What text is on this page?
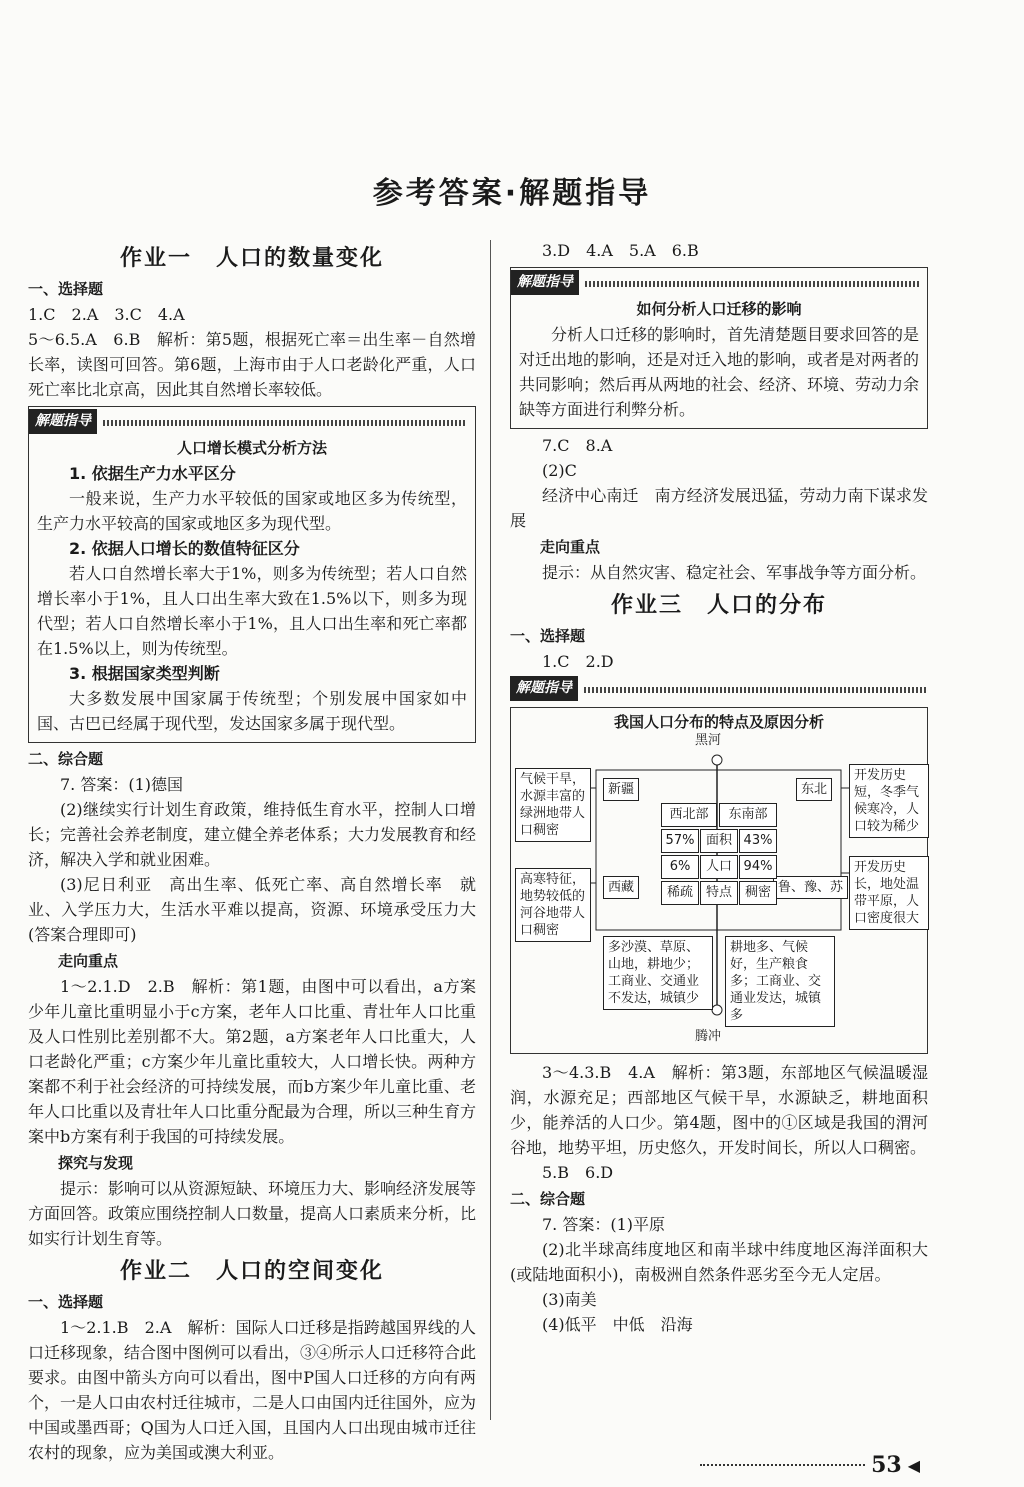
参考答案·解题指导
作业一　人口的数量变化

一、选择题

1.C　2.A　3.C　4.A

5～6.5.A　6.B　解析：第5题，根据死亡率＝出生率－自然增长率，读图可回答。第6题，上海市由于人口老龄化严重，人口死亡率比北京高，因此其自然增长率较低。

解题指导
人口增长模式分析方法

1. 依据生产力水平区分

一般来说，生产力水平较低的国家或地区多为传统型，生产力水平较高的国家或地区多为现代型。

2. 依据人口增长的数值特征区分

若人口自然增长率大于1%，则多为传统型；若人口自然增长率小于1%，且人口出生率大致在1.5%以下，则多为现代型；若人口自然增长率小于1%，且人口出生率和死亡率都在1.5%以上，则为传统型。

3. 根据国家类型判断

大多数发展中国家属于传统型；个别发展中国家如中国、古巴已经属于现代型，发达国家多属于现代型。

二、综合题

7. 答案：(1)德国

(2)继续实行计划生育政策，维持低生育水平，控制人口增长；完善社会养老制度，建立健全养老体系；大力发展教育和经济，解决入学和就业困难。

(3)尼日利亚　高出生率、低死亡率、高自然增长率　就业、入学压力大，生活水平难以提高，资源、环境承受压力大(答案合理即可)

走向重点

1～2.1.D　2.B　解析：第1题，由图中可以看出，a方案少年儿童比重明显小于c方案，老年人口比重、青壮年人口比重及人口性别比差别都不大。第2题，a方案老年人口比重大，人口老龄化严重；c方案少年儿童比重较大，人口增长快。两种方案都不利于社会经济的可持续发展，而b方案少年儿童比重、老年人口比重以及青壮年人口比重分配最为合理，所以三种生育方案中b方案有利于我国的可持续发展。

探究与发现

提示：影响可以从资源短缺、环境压力大、影响经济发展等方面回答。政策应围绕控制人口数量，提高人口素质来分析，比如实行计划生育等。

作业二　人口的空间变化

一、选择题

1～2.1.B　2.A　解析：国际人口迁移是指跨越国界线的人口迁移现象，结合图中图例可以看出，③④所示人口迁移符合此要求。由图中箭头方向可以看出，图中P国人口迁移的方向有两个，一是人口由农村迁往城市，二是人口由国内迁往国外，应为中国或墨西哥；Q国为人口迁入国，且国内人口出现由城市迁往农村的现象，应为美国或澳大利亚。

3.D　4.A　5.A　6.B

解题指导
如何分析人口迁移的影响

分析人口迁移的影响时，首先清楚题目要求回答的是对迁出地的影响，还是对迁入地的影响，或者是对两者的共同影响；然后再从两地的社会、经济、环境、劳动力余缺等方面进行利弊分析。

7.C　8.A

(2)C

经济中心南迁　南方经济发展迅猛，劳动力南下谋求发展

走向重点

提示：从自然灾害、稳定社会、军事战争等方面分析。

作业三　人口的分布

一、选择题

1.C　2.D

解题指导
我国人口分布的特点及原因分析
气候干旱，水源丰富的绿洲地带人口稠密
高寒特征，地势较低的河谷地带人口稠密
开发历史短，冬季气候寒冷，人口较为稀少
开发历史长，地处温带平原，人口密度很大
黑河
腾冲
新疆	东北
西藏	鲁、豫、苏
西北部	东南部
57% 面积 43%
6%	人口 94%
稀疏 特点 稠密
多沙漠、草原、山地，耕地少；工商业、交通业不发达，城镇少
耕地多、气候好，生产粮食多；工商业、交通业发达，城镇多

3～4.3.B　4.A　解析：第3题，东部地区气候温暖湿润，水源充足；西部地区气候干旱，水源缺乏，耕地面积少，能养活的人口少。第4题，图中的①区域是我国的渭河谷地，地势平坦，历史悠久，开发时间长，所以人口稠密。

5.B　6.D

二、综合题

7. 答案：(1)平原

(2)北半球高纬度地区和南半球中纬度地区海洋面积大(或陆地面积小)，南极洲自然条件恶劣至今无人定居。

(3)南美

(4)低平　中低　沿海

53 ◀
